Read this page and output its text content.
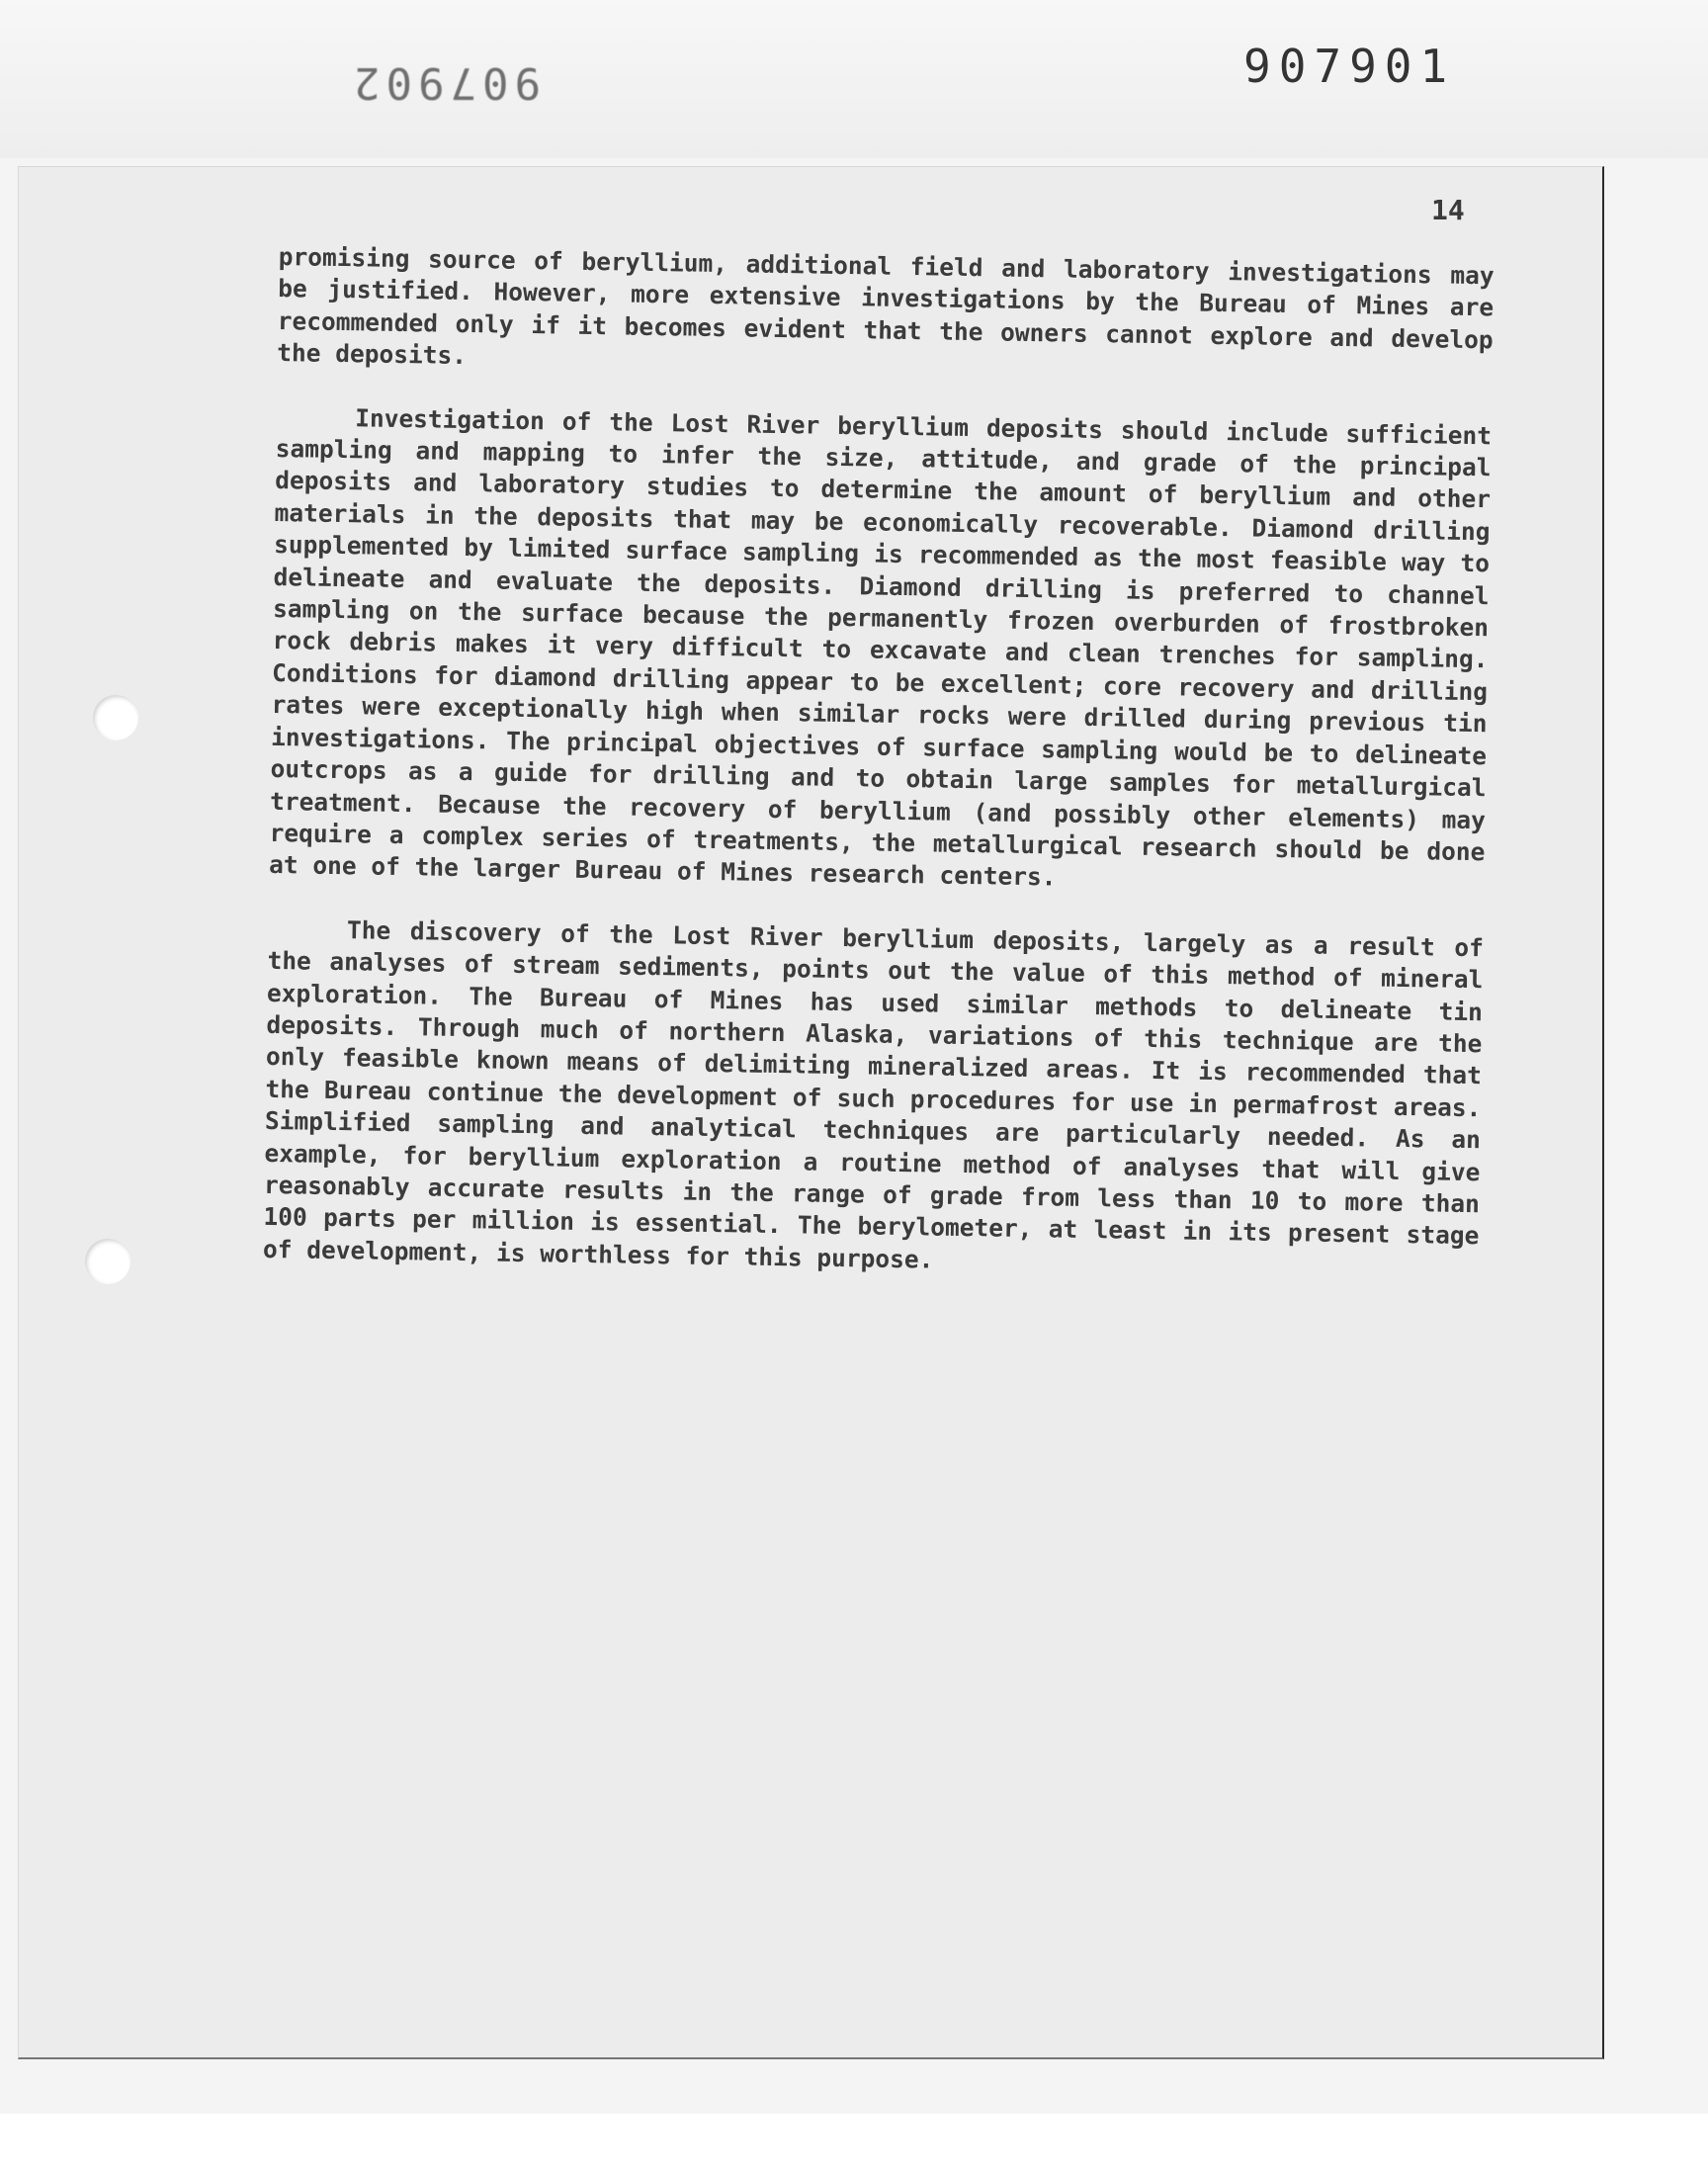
907902	907901
14

promising source of beryllium, additional field and laboratory investigations may be justified. However, more extensive investigations by the Bureau of Mines are recommended only if it becomes evident that the owners cannot explore and develop the deposits.

Investigation of the Lost River beryllium deposits should include sufficient sampling and mapping to infer the size, attitude, and grade of the principal deposits and laboratory studies to determine the amount of beryllium and other materials in the deposits that may be economically recoverable. Diamond drilling supplemented by limited surface sampling is recommended as the most feasible way to delineate and evaluate the deposits. Diamond drilling is preferred to channel sampling on the surface because the permanently frozen overburden of frostbroken rock debris makes it very difficult to excavate and clean trenches for sampling. Conditions for diamond drilling appear to be excellent; core recovery and drilling rates were exceptionally high when similar rocks were drilled during previous tin investigations. The principal objectives of surface sampling would be to delineate outcrops as a guide for drilling and to obtain large samples for metallurgical treatment. Because the recovery of beryllium (and possibly other elements) may require a complex series of treatments, the metallurgical research should be done at one of the larger Bureau of Mines research centers.

The discovery of the Lost River beryllium deposits, largely as a result of the analyses of stream sediments, points out the value of this method of mineral exploration. The Bureau of Mines has used similar methods to delineate tin deposits. Through much of northern Alaska, variations of this technique are the only feasible known means of delimiting mineralized areas. It is recommended that the Bureau continue the development of such procedures for use in permafrost areas. Simplified sampling and analytical techniques are particularly needed. As an example, for beryllium exploration a routine method of analyses that will give reasonably accurate results in the range of grade from less than 10 to more than 100 parts per million is essential. The berylometer, at least in its present stage of development, is worthless for this purpose.
